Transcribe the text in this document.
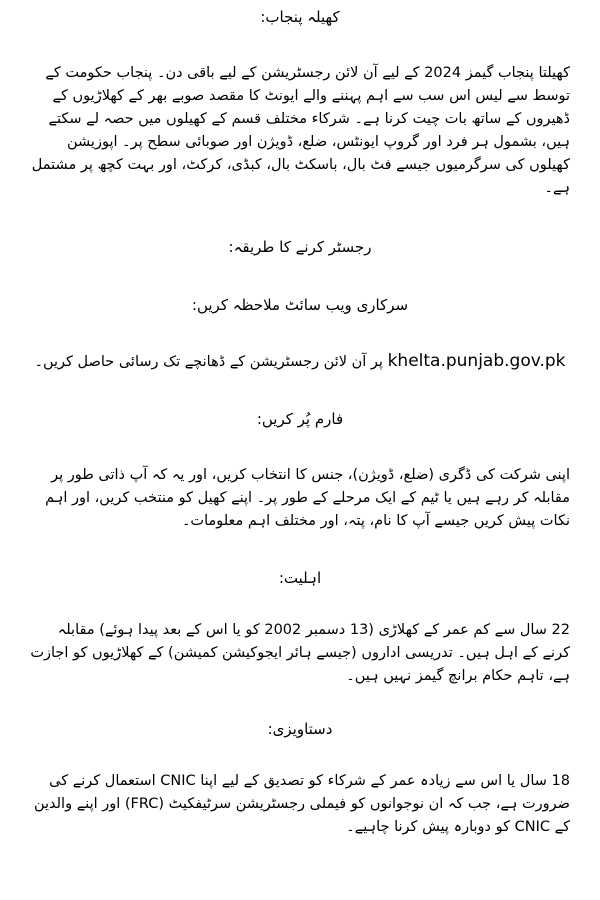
کھیلہ پنجاب:

کھیلتا پنجاب گیمز 2024 کے لیے آن لائن رجسٹریشن کے لیے باقی دن۔ پنجاب حکومت کے توسط سے لیس اس سب سے اہم پہننے والے ایونٹ کا مقصد صوبے بھر کے کھلاڑیوں کے ڈھیروں کے ساتھ بات چیت کرنا ہے۔ شرکاء مختلف قسم کے کھیلوں میں حصہ لے سکتے ہیں، بشمول ہر فرد اور گروپ ایونٹس، ضلع، ڈویژن اور صوبائی سطح پر۔ اپوزیشن کھیلوں کی سرگرمیوں جیسے فٹ بال، باسکٹ بال، کبڈی، کرکٹ، اور بہت کچھ پر مشتمل ہے۔

رجسٹر کرنے کا طریقہ:
سرکاری ویب سائٹ ملاحظہ کریں:

khelta.punjab.gov.pk پر آن لائن رجسٹریشن کے ڈھانچے تک رسائی حاصل کریں۔

فارم پُر کریں:

اپنی شرکت کی ڈگری (ضلع، ڈویژن)، جنس کا انتخاب کریں، اور یہ کہ آپ ذاتی طور پر مقابلہ کر رہے ہیں یا ٹیم کے ایک مرحلے کے طور پر۔ اپنے کھیل کو منتخب کریں، اور اہم نکات پیش کریں جیسے آپ کا نام، پتہ، اور مختلف اہم معلومات۔

اہلیت:

22 سال سے کم عمر کے کھلاڑی (13 دسمبر 2002 کو یا اس کے بعد پیدا ہوئے) مقابلہ کرنے کے اہل ہیں۔ تدریسی اداروں (جیسے ہائر ایجوکیشن کمیشن) کے کھلاڑیوں کو اجازت ہے، تاہم حکام برانچ گیمز نہیں ہیں۔

دستاویزی:

18 سال یا اس سے زیادہ عمر کے شرکاء کو تصدیق کے لیے اپنا CNIC استعمال کرنے کی ضرورت ہے، جب کہ ان نوجوانوں کو فیملی رجسٹریشن سرٹیفکیٹ (FRC) اور اپنے والدین کے CNIC کو دوبارہ پیش کرنا چاہیے۔
